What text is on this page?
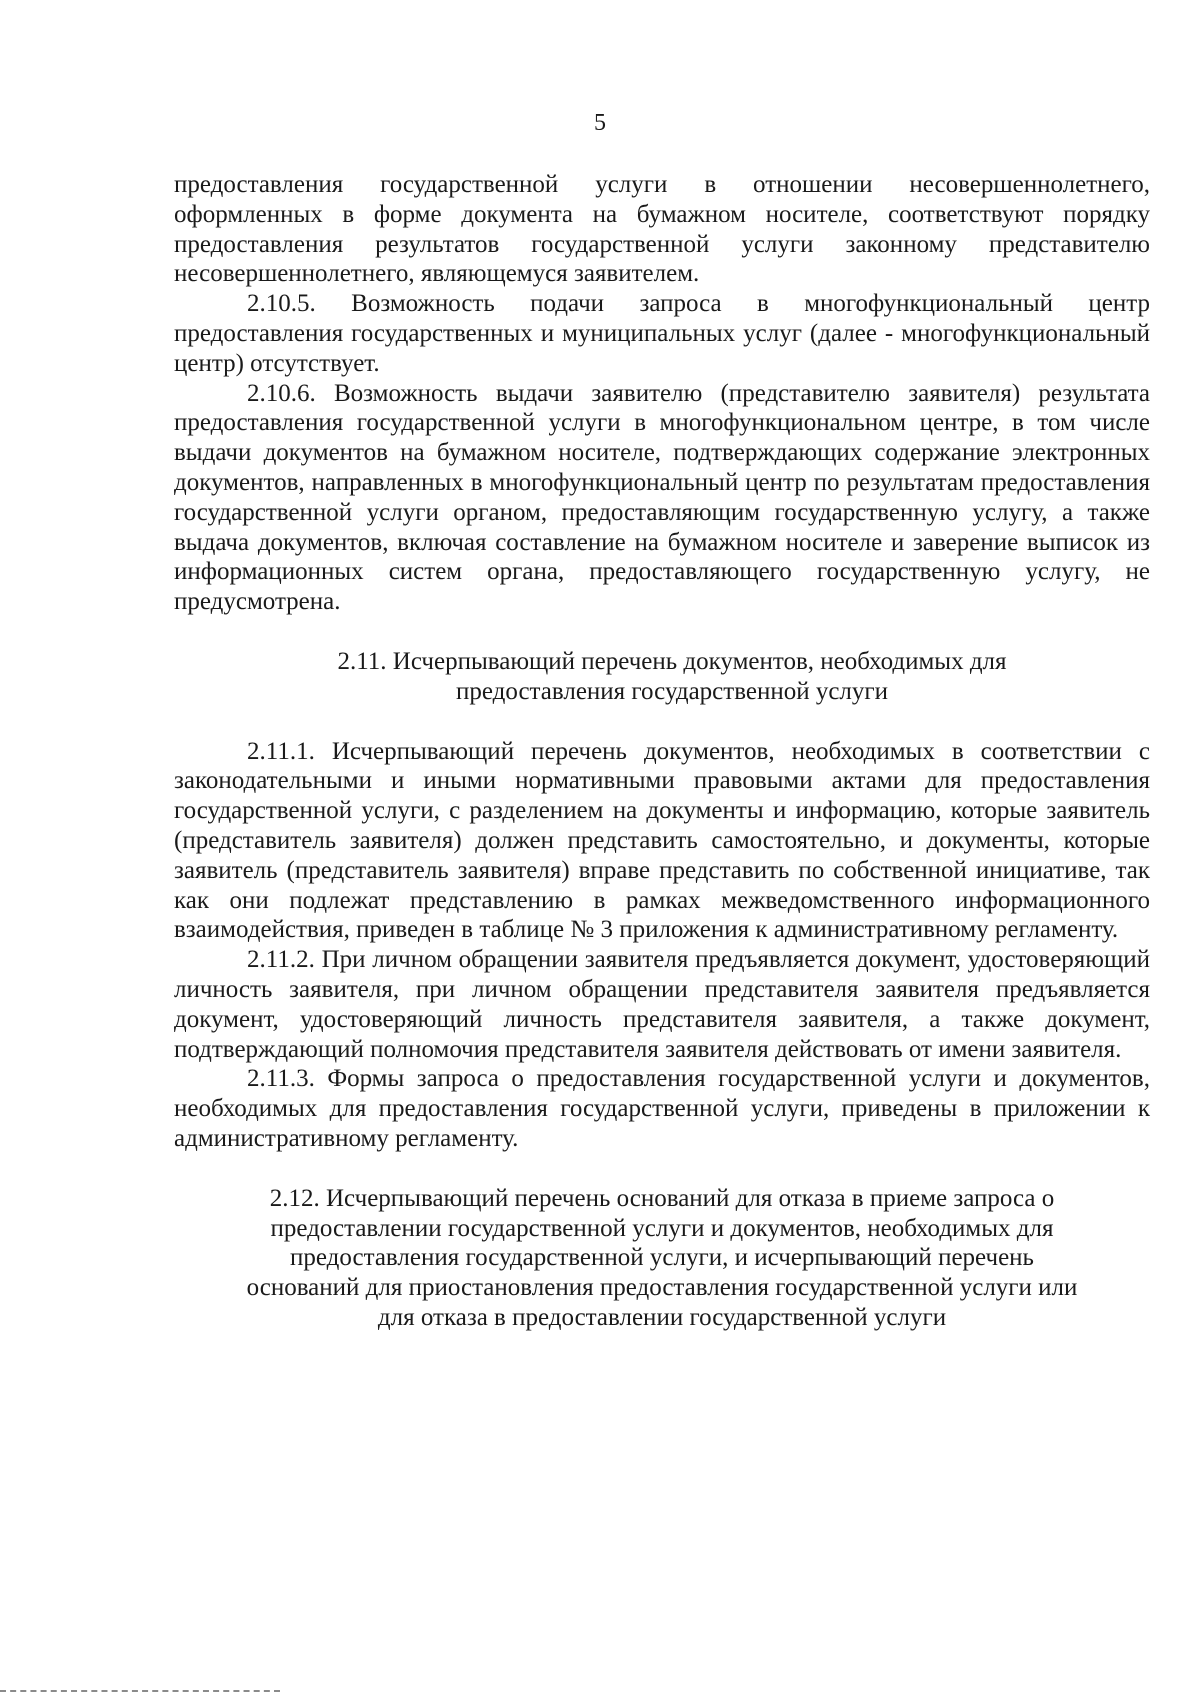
5

предоставления государственной услуги в отношении несовершеннолетнего, оформленных в форме документа на бумажном носителе, соответствуют порядку предоставления результатов государственной услуги законному представителю несовершеннолетнего, являющемуся заявителем.

2.10.5. Возможность подачи запроса в многофункциональный центр предоставления государственных и муниципальных услуг (далее - многофункциональный центр) отсутствует.

2.10.6. Возможность выдачи заявителю (представителю заявителя) результата предоставления государственной услуги в многофункциональном центре, в том числе выдачи документов на бумажном носителе, подтверждающих содержание электронных документов, направленных в многофункциональный центр по результатам предоставления государственной услуги органом, предоставляющим государственную услугу, а также выдача документов, включая составление на бумажном носителе и заверение выписок из информационных систем органа, предоставляющего государственную услугу, не предусмотрена.

2.11. Исчерпывающий перечень документов, необходимых для
предоставления государственной услуги

2.11.1. Исчерпывающий перечень документов, необходимых в соответствии с законодательными и иными нормативными правовыми актами для предоставления государственной услуги, с разделением на документы и информацию, которые заявитель (представитель заявителя) должен представить самостоятельно, и документы, которые заявитель (представитель заявителя) вправе представить по собственной инициативе, так как они подлежат представлению в рамках межведомственного информационного взаимодействия, приведен в таблице № 3 приложения к административному регламенту.

2.11.2. При личном обращении заявителя предъявляется документ, удостоверяющий личность заявителя, при личном обращении представителя заявителя предъявляется документ, удостоверяющий личность представителя заявителя, а также документ, подтверждающий полномочия представителя заявителя действовать от имени заявителя.

2.11.3. Формы запроса о предоставления государственной услуги и документов, необходимых для предоставления государственной услуги, приведены в приложении к административному регламенту.

2.12. Исчерпывающий перечень оснований для отказа в приеме запроса о
предоставлении государственной услуги и документов, необходимых для
предоставления государственной услуги, и исчерпывающий перечень
оснований для приостановления предоставления государственной услуги или
для отказа в предоставлении государственной услуги
